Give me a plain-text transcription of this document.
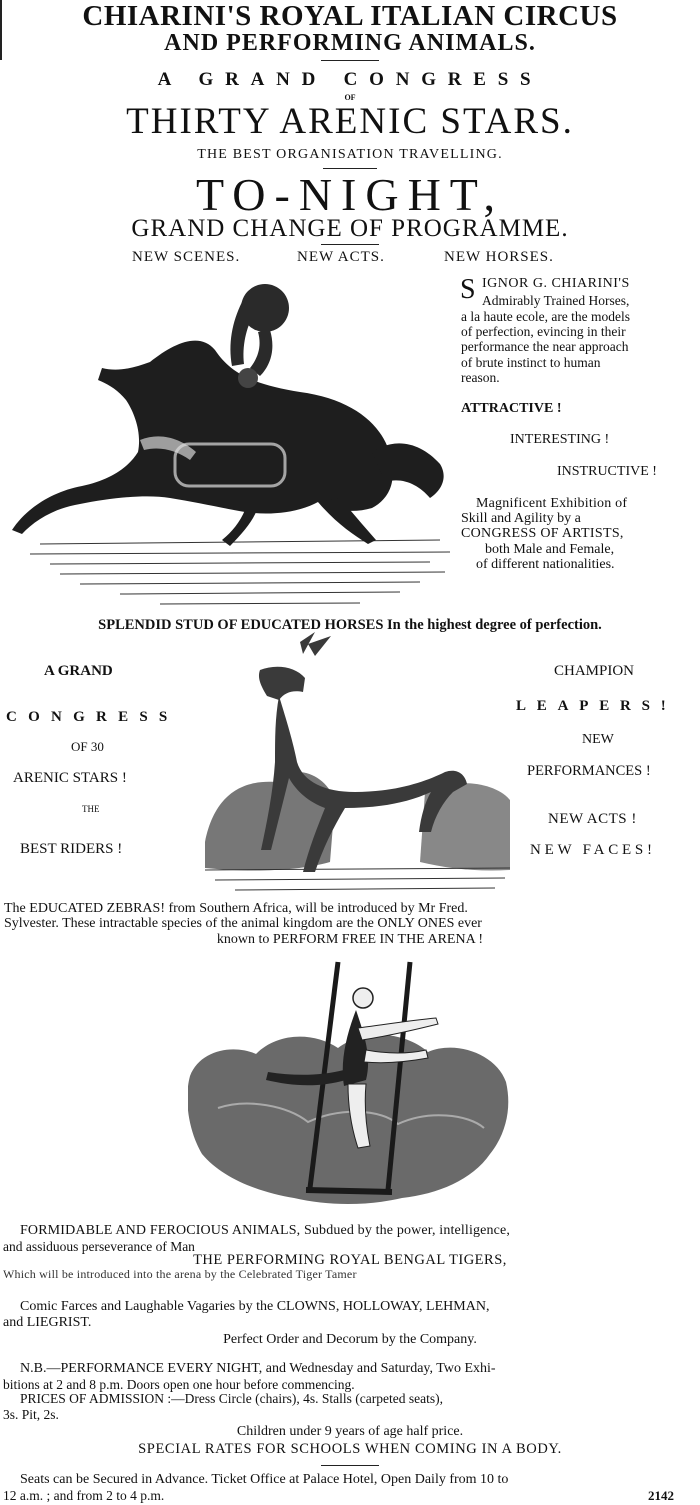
CHIARINI'S ROYAL ITALIAN CIRCUS
AND PERFORMING ANIMALS.
A GRAND CONGRESS
OF
THIRTY ARENIC STARS.
THE BEST ORGANISATION TRAVELLING.
TO-NIGHT,
GRAND CHANGE OF PROGRAMME.
NEW SCENES.	NEW ACTS.	NEW HORSES.
S IGNOR G. CHIARINI'S
Admirably Trained Horses,
a la haute ecole, are the models
of perfection, evincing in their
performance the near approach
of brute instinct to human
reason.
ATTRACTIVE !
INTERESTING !
INSTRUCTIVE !
Magnificent Exhibition of
Skill and Agility by a
CONGRESS OF ARTISTS,
both Male and Female,
of different nationalities.
SPLENDID STUD OF EDUCATED HORSES In the highest degree of perfection.
A GRAND
CONGRESS
OF 30
ARENIC STARS !
THE
BEST RIDERS !
CHAMPION
LEAPERS!
NEW
PERFORMANCES !
NEW ACTS !
NEW FACES!
The EDUCATED ZEBRAS! from Southern Africa, will be introduced by Mr Fred.
Sylvester. These intractable species of the animal kingdom are the ONLY ONES ever
known to PERFORM FREE IN THE ARENA !
FORMIDABLE AND FEROCIOUS ANIMALS, Subdued by the power, intelligence,
and assiduous perseverance of Man
THE PERFORMING ROYAL BENGAL TIGERS,
Which will be introduced into the arena by the Celebrated Tiger Tamer
Comic Farces and Laughable Vagaries by the CLOWNS, HOLLOWAY, LEHMAN,
and LIEGRIST.
Perfect Order and Decorum by the Company.
N.B.—PERFORMANCE EVERY NIGHT, and Wednesday and Saturday, Two Exhi-
bitions at 2 and 8 p.m. Doors open one hour before commencing.
PRICES OF ADMISSION :—Dress Circle (chairs), 4s. Stalls (carpeted seats),
3s. Pit, 2s.
Children under 9 years of age half price.
SPECIAL RATES FOR SCHOOLS WHEN COMING IN A BODY.
Seats can be Secured in Advance. Ticket Office at Palace Hotel, Open Daily from 10 to
12 a.m. ; and from 2 to 4 p.m.	2142
